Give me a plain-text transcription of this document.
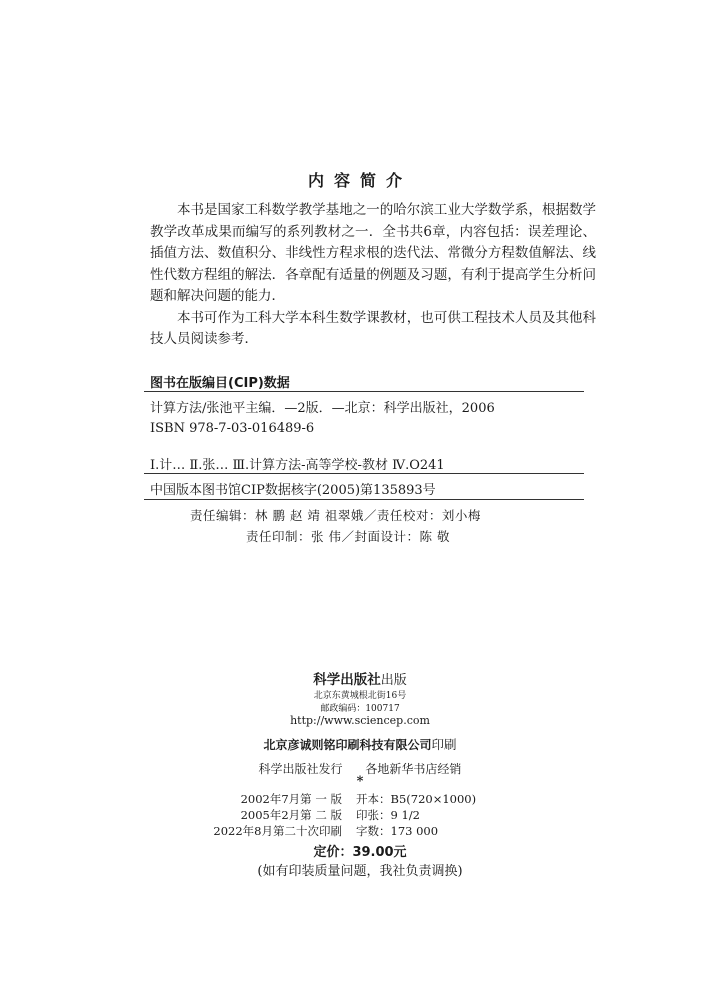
内容简介

本书是国家工科数学教学基地之一的哈尔滨工业大学数学系，根据数学教学改革成果而编写的系列教材之一．全书共6章，内容包括：误差理论、插值方法、数值积分、非线性方程求根的迭代法、常微分方程数值解法、线性代数方程组的解法．各章配有适量的例题及习题，有利于提高学生分析问题和解决问题的能力．

本书可作为工科大学本科生数学课教材，也可供工程技术人员及其他科技人员阅读参考．

图书在版编目(CIP)数据
计算方法/张池平主编．—2版．—北京：科学出版社，2006
ISBN 978-7-03-016489-6
Ⅰ.计… Ⅱ.张… Ⅲ.计算方法-高等学校-教材 Ⅳ.O241
中国版本图书馆CIP数据核字(2005)第135893号
责任编辑：林 鹏 赵 靖 祖翠娥／责任校对：刘小梅
责任印制：张 伟／封面设计：陈 敬
科学出版社出版
北京东黄城根北街16号
邮政编码：100717
http://www.sciencep.com
北京彦诚则铭印刷科技有限公司印刷
科学出版社发行      各地新华书店经销
*
2002年7月第 一 版	开本：B5(720×1000)
2005年2月第 二 版	印张：9 1/2
2022年8月第二十次印刷	字数：173 000
定价：39.00元
(如有印装质量问题，我社负责调换)
